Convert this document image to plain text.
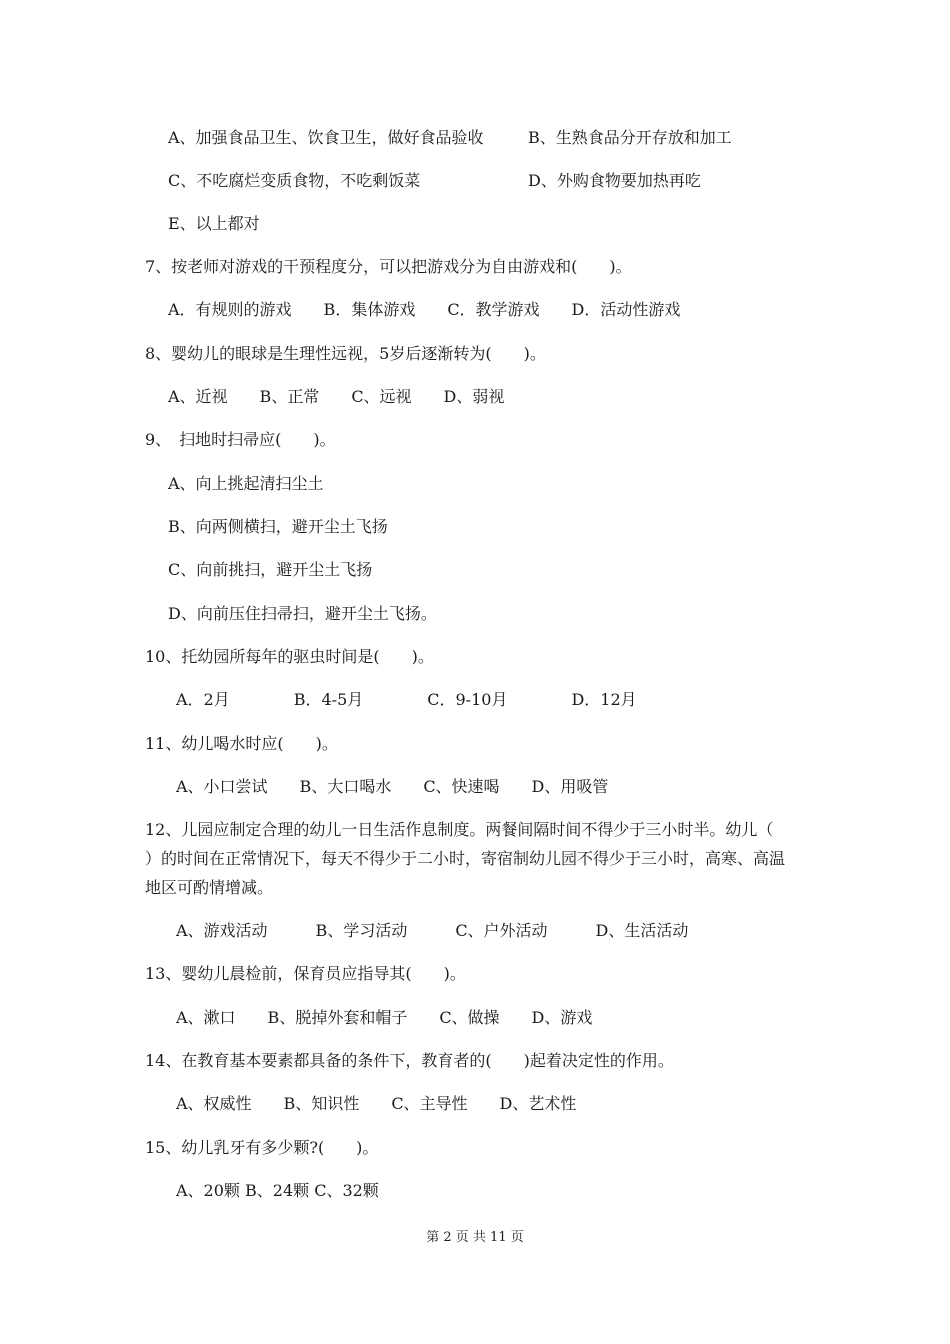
A、加强食品卫生、饮食卫生，做好食品验收	B、生熟食品分开存放和加工
C、不吃腐烂变质食物，不吃剩饭菜	D、外购食物要加热再吃
E、以上都对
7、按老师对游戏的干预程度分，可以把游戏分为自由游戏和(　　)。
A．有规则的游戏　　B．集体游戏　　C．教学游戏　　D．活动性游戏
8、婴幼儿的眼球是生理性远视，5岁后逐渐转为(　　)。
A、近视　　B、正常　　C、远视　　D、弱视
9、　扫地时扫帚应(　　)。
A、向上挑起清扫尘土
B、向两侧横扫，避开尘土飞扬
C、向前挑扫，避开尘土飞扬
D、向前压住扫帚扫，避开尘土飞扬。
10、托幼园所每年的驱虫时间是(　　)。
A．2月　　　　B．4-5月　　　　C．9-10月　　　　D．12月
11、幼儿喝水时应(　　)。
A、小口尝试　　B、大口喝水　　C、快速喝　　D、用吸管
12、儿园应制定合理的幼儿一日生活作息制度。两餐间隔时间不得少于三小时半。幼儿（
）的时间在正常情况下，每天不得少于二小时，寄宿制幼儿园不得少于三小时，高寒、高温
地区可酌情增减。
A、游戏活动　　　B、学习活动　　　C、户外活动　　　D、生活活动
13、婴幼儿晨检前，保育员应指导其(　　)。
A、漱口　　B、脱掉外套和帽子　　C、做操　　D、游戏
14、在教育基本要素都具备的条件下，教育者的(　　)起着决定性的作用。
A、权威性　　B、知识性　　C、主导性　　D、艺术性
15、幼儿乳牙有多少颗?(　　)。
A、20颗 B、24颗 C、32颗
第 2 页 共 11 页
